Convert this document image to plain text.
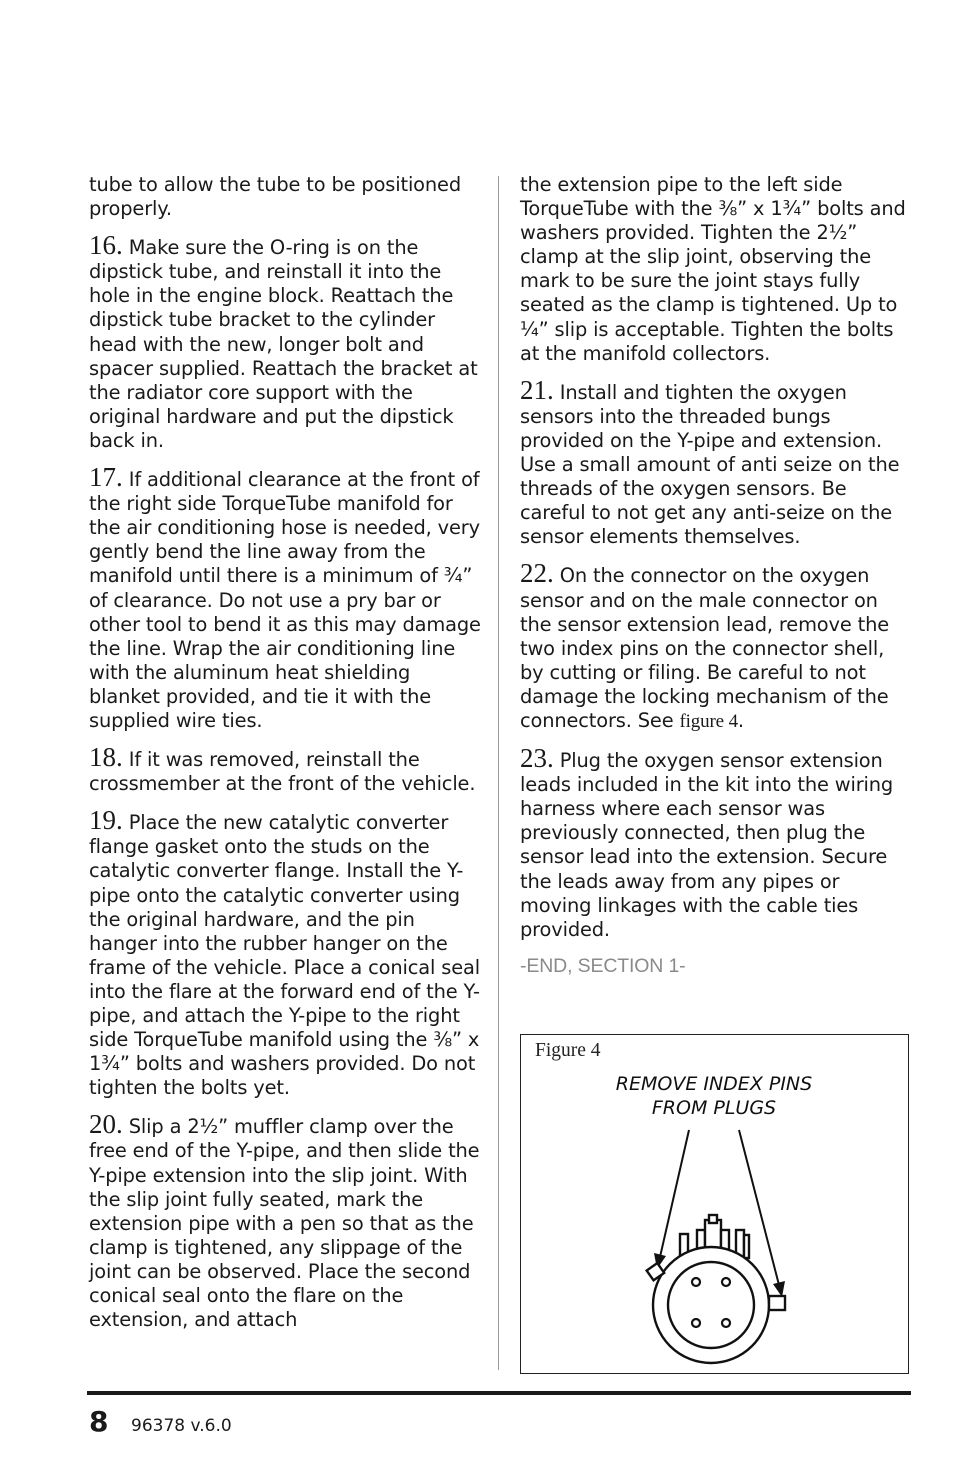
tube to allow the tube to be positioned properly.

16. Make sure the O-ring is on the dipstick tube, and reinstall it into the hole in the engine block. Reattach the dipstick tube bracket to the cylinder head with the new, longer bolt and spacer supplied. Reattach the bracket at the radiator core support with the original hardware and put the dipstick back in.

17. If additional clearance at the front of the right side TorqueTube manifold for the air conditioning hose is needed, very gently bend the line away from the manifold until there is a minimum of ¾” of clearance. Do not use a pry bar or other tool to bend it as this may damage the line. Wrap the air conditioning line with the aluminum heat shielding blanket provided, and tie it with the supplied wire ties.

18. If it was removed, reinstall the crossmember at the front of the vehicle.

19. Place the new catalytic converter flange gasket onto the studs on the catalytic converter flange. Install the Y-pipe onto the catalytic converter using the original hardware, and the pin hanger into the rubber hanger on the frame of the vehicle. Place a conical seal into the flare at the forward end of the Y-pipe, and attach the Y-pipe to the right side TorqueTube manifold using the ⅜” x 1¾” bolts and washers provided. Do not tighten the bolts yet.

20. Slip a 2½” muffler clamp over the free end of the Y-pipe, and then slide the Y-pipe extension into the slip joint. With the slip joint fully seated, mark the extension pipe with a pen so that as the clamp is tightened, any slippage of the joint can be observed. Place the second conical seal onto the flare on the extension, and attach

the extension pipe to the left side TorqueTube with the ⅜” x 1¾” bolts and washers provided. Tighten the 2½” clamp at the slip joint, observing the mark to be sure the joint stays fully seated as the clamp is tightened. Up to ¼” slip is acceptable. Tighten the bolts at the manifold collectors.

21. Install and tighten the oxygen sensors into the threaded bungs provided on the Y-pipe and extension. Use a small amount of anti seize on the threads of the oxygen sensors. Be careful to not get any anti-seize on the sensor elements themselves.

22. On the connector on the oxygen sensor and on the male connector on the sensor extension lead, remove the two index pins on the connector shell, by cutting or filing. Be careful to not damage the locking mechanism of the connectors. See figure 4.

23. Plug the oxygen sensor extension leads included in the kit into the wiring harness where each sensor was previously connected, then plug the sensor lead into the extension. Secure the leads away from any pipes or moving linkages with the cable ties provided.

-END, SECTION 1-

Figure 4
REMOVE INDEX PINS
FROM PLUGS
8 96378 v.6.0
